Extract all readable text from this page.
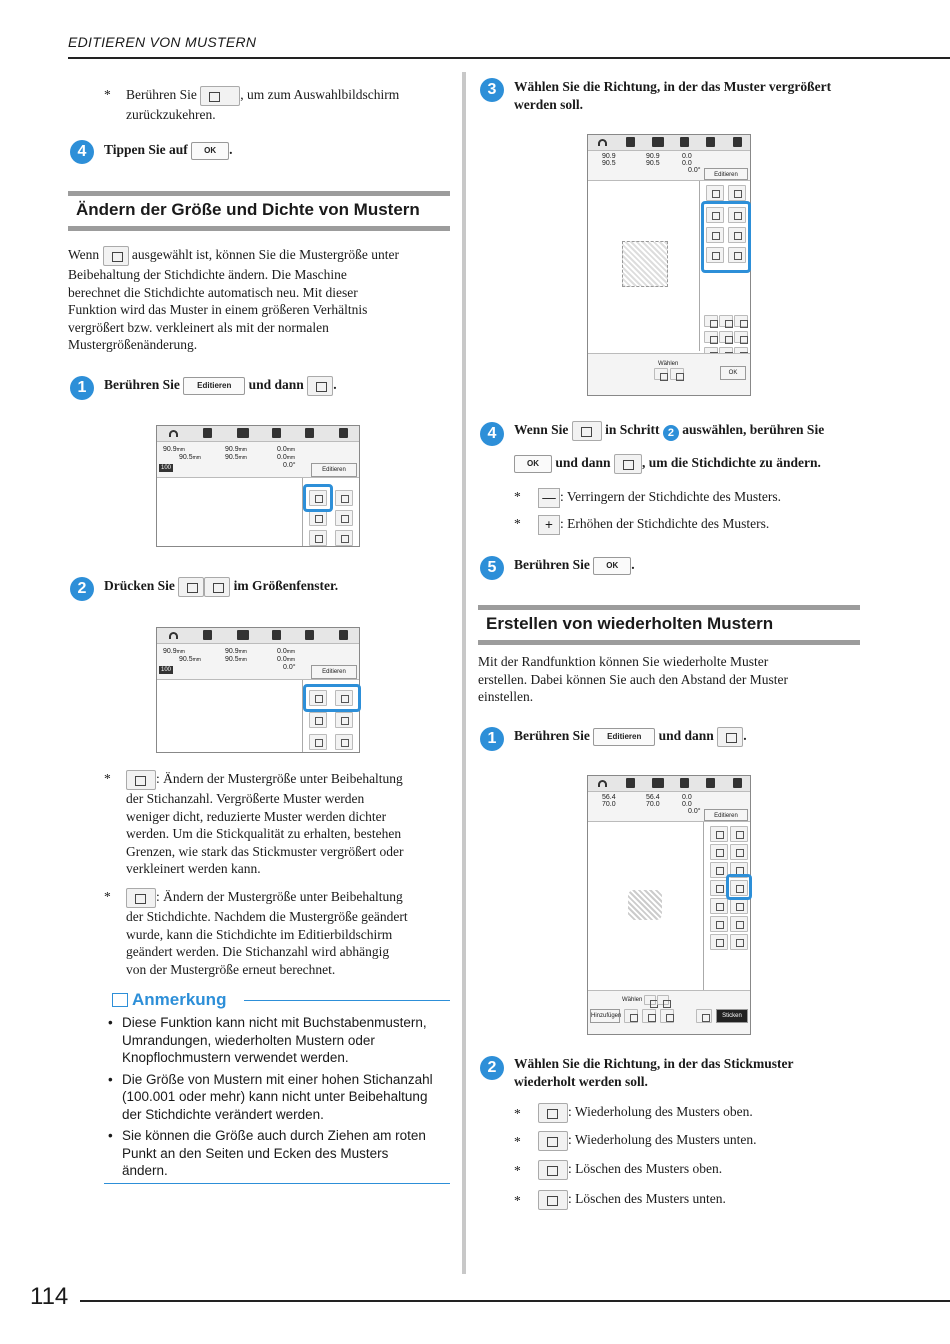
EDITIEREN VON MUSTERN
* Berühren Sie	, um zum Auswahlbildschirm
zurückzukehren.
4	Tippen Sie auf OK .
Ändern der Größe und Dichte von Mustern
Wenn ausgewählt ist, können Sie die Mustergröße unter
Beibehaltung der Stichdichte ändern. Die Maschine
berechnet die Stichdichte automatisch neu. Mit dieser
Funktion wird das Muster in einem größeren Verhältnis
vergrößert bzw. verkleinert als mit der normalen
Mustergrößenänderung.
1	Berühren Sie Editieren und dann .
90.9mm
90.5mm
90.9mm
90.5mm
0.0mm
0.0mm
0.0°
100	Editieren
2	Drücken Sie	im Größenfenster.
90.9mm
90.5mm
90.9mm
90.5mm
0.0mm
0.0mm
0.0°
100	Editieren
*	: Ändern der Mustergröße unter Beibehaltung
der Stichanzahl. Vergrößerte Muster werden
weniger dicht, reduzierte Muster werden dichter
werden. Um die Stickqualität zu erhalten, bestehen
Grenzen, wie stark das Stickmuster vergrößert oder
verkleinert werden kann.
*	: Ändern der Mustergröße unter Beibehaltung
der Stichdichte. Nachdem die Mustergröße geändert
wurde, kann die Stichdichte im Editierbildschirm
geändert werden. Die Stichanzahl wird abhängig
von der Mustergröße erneut berechnet.
Anmerkung
• Diese Funktion kann nicht mit Buchstabenmustern,
Umrandungen, wiederholten Mustern oder
Knopflochmustern verwendet werden.
• Die Größe von Mustern mit einer hohen Stichanzahl
(100.001 oder mehr) kann nicht unter Beibehaltung
der Stichdichte verändert werden.
• Sie können die Größe auch durch Ziehen am roten
Punkt an den Seiten und Ecken des Musters
ändern.
3	Wählen Sie die Richtung, in der das Muster vergrößert
werden soll.
90.9
90.5
90.9
90.5
0.0
0.0
0.0°
Editieren
Wählen
OK
4	Wenn Sie	in Schritt 2 auswählen, berühren Sie
OK und dann , um die Stichdichte zu ändern.
*	— : Verringern der Stichdichte des Musters.
*	+ : Erhöhen der Stichdichte des Musters.
5	Berühren Sie OK .
Erstellen von wiederholten Mustern
Mit der Randfunktion können Sie wiederholte Muster
erstellen. Dabei können Sie auch den Abstand der Muster
einstellen.
1	Berühren Sie Editieren und dann .
56.4
70.0
56.4
70.0
0.0
0.0
0.0°
Editieren
Wählen
Hinzufügen	Sticken
2	Wählen Sie die Richtung, in der das Stickmuster
wiederholt werden soll.
*	: Wiederholung des Musters oben.
*	: Wiederholung des Musters unten.
*	: Löschen des Musters oben.
*	: Löschen des Musters unten.
114
